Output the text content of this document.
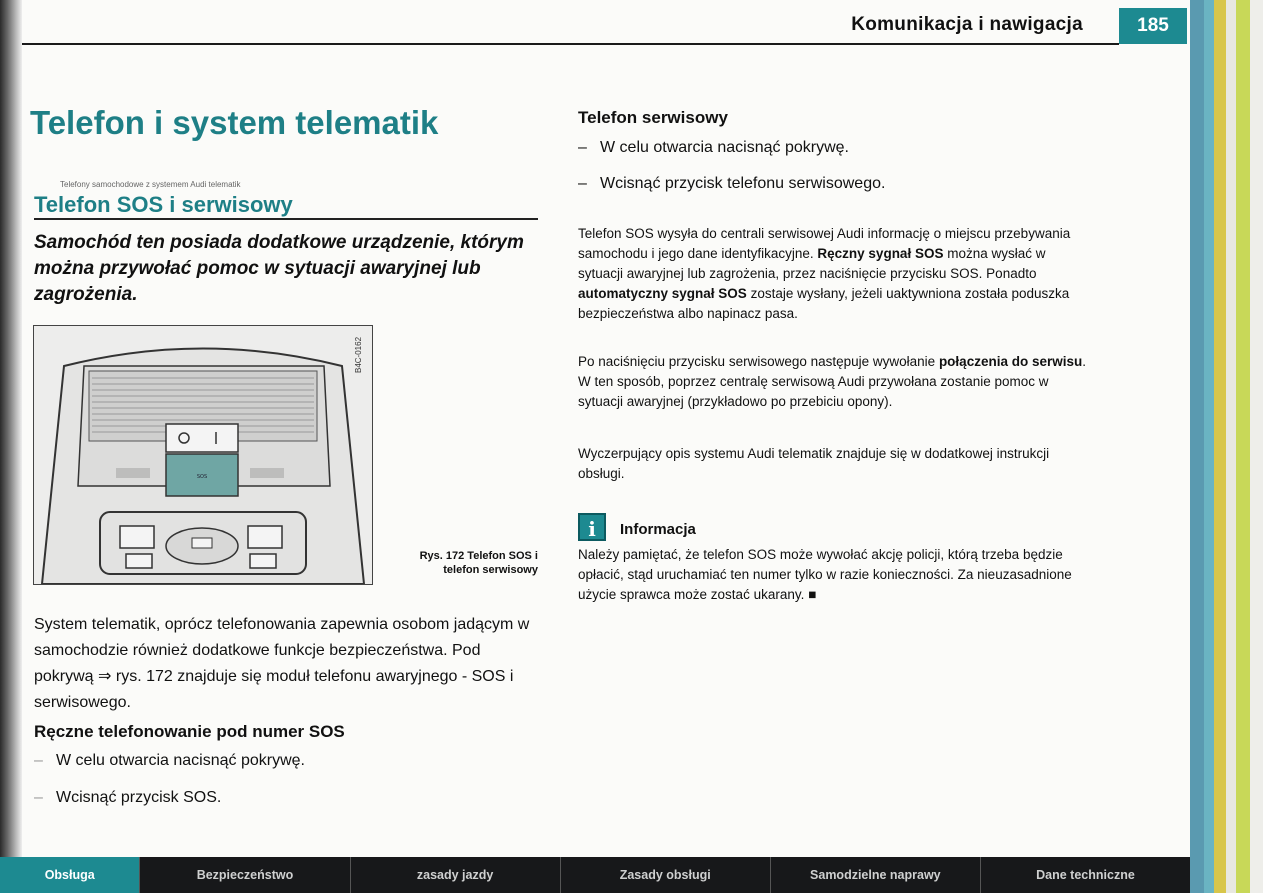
Komunikacja i nawigacja	185
Telefon i system telematik
Telefony samochodowe z systemem Audi telematik
Telefon SOS i serwisowy

Samochód ten posiada dodatkowe urządzenie, którym można przywołać pomoc w sytuacji awaryjnej lub zagrożenia.

SOS
B4C-0162
Rys. 172 Telefon SOS i telefon serwisowy

System telematik, oprócz telefonowania zapewnia osobom jadącym w samochodzie również dodatkowe funkcje bezpieczeństwa. Pod pokrywą ⇒ rys. 172 znajduje się moduł telefonu awaryjnego - SOS i serwisowego.

Ręczne telefonowanie pod numer SOS
– W celu otwarcia nacisnąć pokrywę.
– Wcisnąć przycisk SOS.
Telefon serwisowy
– W celu otwarcia nacisnąć pokrywę.
– Wcisnąć przycisk telefonu serwisowego.

Telefon SOS wysyła do centrali serwisowej Audi informację o miejscu przebywania samochodu i jego dane identyfikacyjne. Ręczny sygnał SOS można wysłać w sytuacji awaryjnej lub zagrożenia, przez naciśnięcie przycisku SOS. Ponadto automatyczny sygnał SOS zostaje wysłany, jeżeli uaktywniona została poduszka bezpieczeństwa albo napinacz pasa.

Po naciśnięciu przycisku serwisowego następuje wywołanie połączenia do serwisu. W ten sposób, poprzez centralę serwisową Audi przywołana zostanie pomoc w sytuacji awaryjnej (przykładowo po przebiciu opony).

Wyczerpujący opis systemu Audi telematik znajduje się w dodatkowej instrukcji obsługi.

i	Informacja

Należy pamiętać, że telefon SOS może wywołać akcję policji, którą trzeba będzie opłacić, stąd uruchamiać ten numer tylko w razie konieczności. Za nieuzasadnione użycie sprawca może zostać ukarany. ■

Obsługa	Bezpieczeństwo	zasady jazdy	Zasady obsługi	Samodzielne naprawy	Dane techniczne
